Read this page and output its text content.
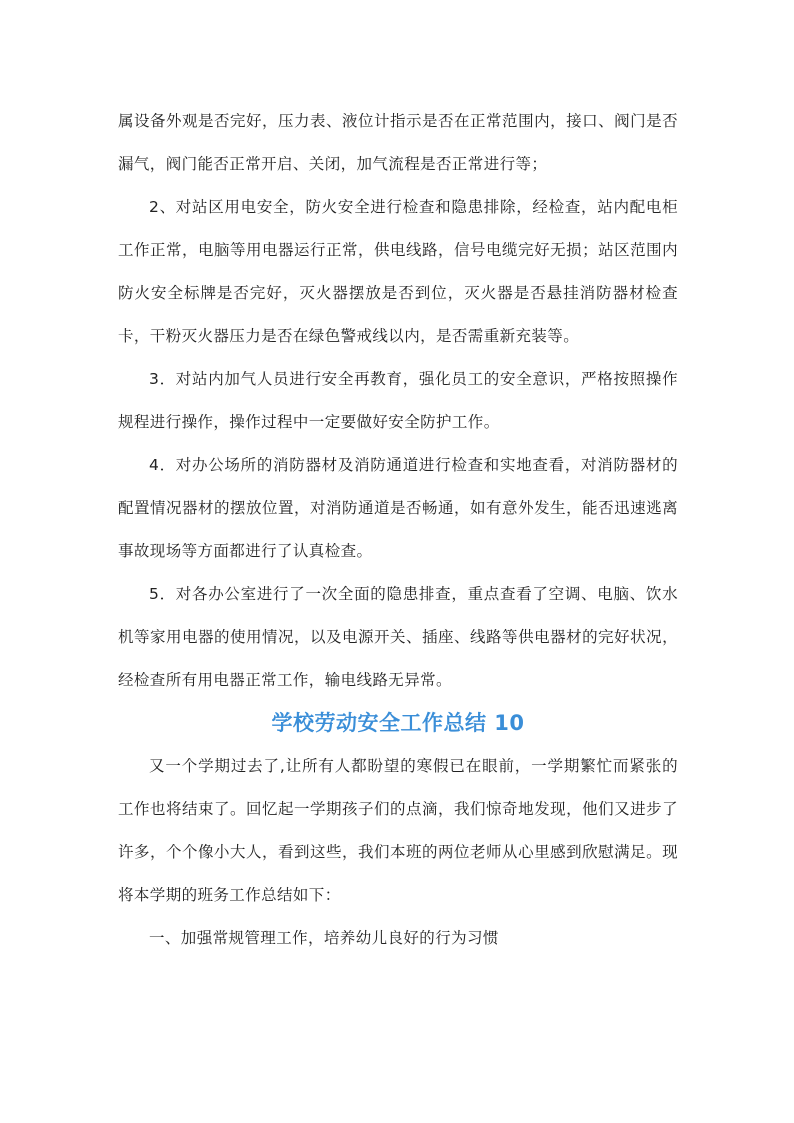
属设备外观是否完好，压力表、液位计指示是否在正常范围内，接口、阀门是否漏气，阀门能否正常开启、关闭，加气流程是否正常进行等；

2、对站区用电安全，防火安全进行检查和隐患排除，经检查，站内配电柜工作正常，电脑等用电器运行正常，供电线路，信号电缆完好无损；站区范围内防火安全标牌是否完好，灭火器摆放是否到位，灭火器是否悬挂消防器材检查卡，干粉灭火器压力是否在绿色警戒线以内，是否需重新充装等。

3．对站内加气人员进行安全再教育，强化员工的安全意识，严格按照操作规程进行操作，操作过程中一定要做好安全防护工作。

4．对办公场所的消防器材及消防通道进行检查和实地查看，对消防器材的配置情况器材的摆放位置，对消防通道是否畅通，如有意外发生，能否迅速逃离事故现场等方面都进行了认真检查。

5．对各办公室进行了一次全面的隐患排查，重点查看了空调、电脑、饮水机等家用电器的使用情况，以及电源开关、插座、线路等供电器材的完好状况，经检查所有用电器正常工作，输电线路无异常。

学校劳动安全工作总结 10

又一个学期过去了,让所有人都盼望的寒假已在眼前，一学期繁忙而紧张的工作也将结束了。回忆起一学期孩子们的点滴，我们惊奇地发现，他们又进步了许多，个个像小大人，看到这些，我们本班的两位老师从心里感到欣慰满足。现将本学期的班务工作总结如下：

一、加强常规管理工作，培养幼儿良好的行为习惯
